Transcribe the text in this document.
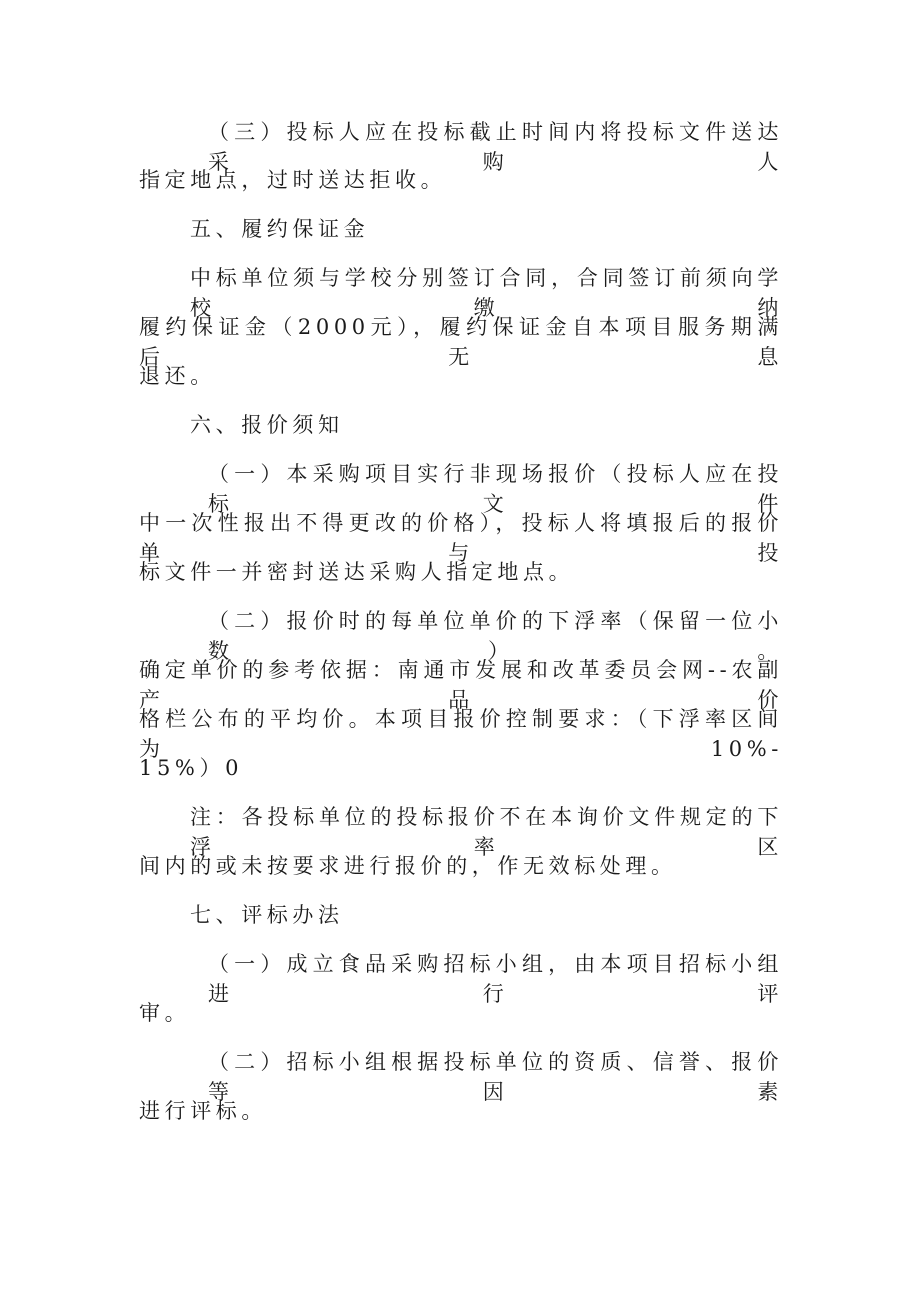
（三）投标人应在投标截止时间内将投标文件送达采购人
指定地点，过时送达拒收。
五、履约保证金
中标单位须与学校分别签订合同，合同签订前须向学校缴纳
履约保证金（2000元），履约保证金自本项目服务期满后无息
退还。
六、报价须知
（一）本采购项目实行非现场报价（投标人应在投标文件
中一次性报出不得更改的价格），投标人将填报后的报价单与投
标文件一并密封送达采购人指定地点。
（二）报价时的每单位单价的下浮率（保留一位小数）。
确定单价的参考依据：南通市发展和改革委员会网--农副产品价
格栏公布的平均价。本项目报价控制要求：（下浮率区间为10%-
15%）0
注：各投标单位的投标报价不在本询价文件规定的下浮率区
间内的或未按要求进行报价的，作无效标处理。
七、评标办法
（一）成立食品采购招标小组，由本项目招标小组进行评
审。
（二）招标小组根据投标单位的资质、信誉、报价等因素
进行评标。
